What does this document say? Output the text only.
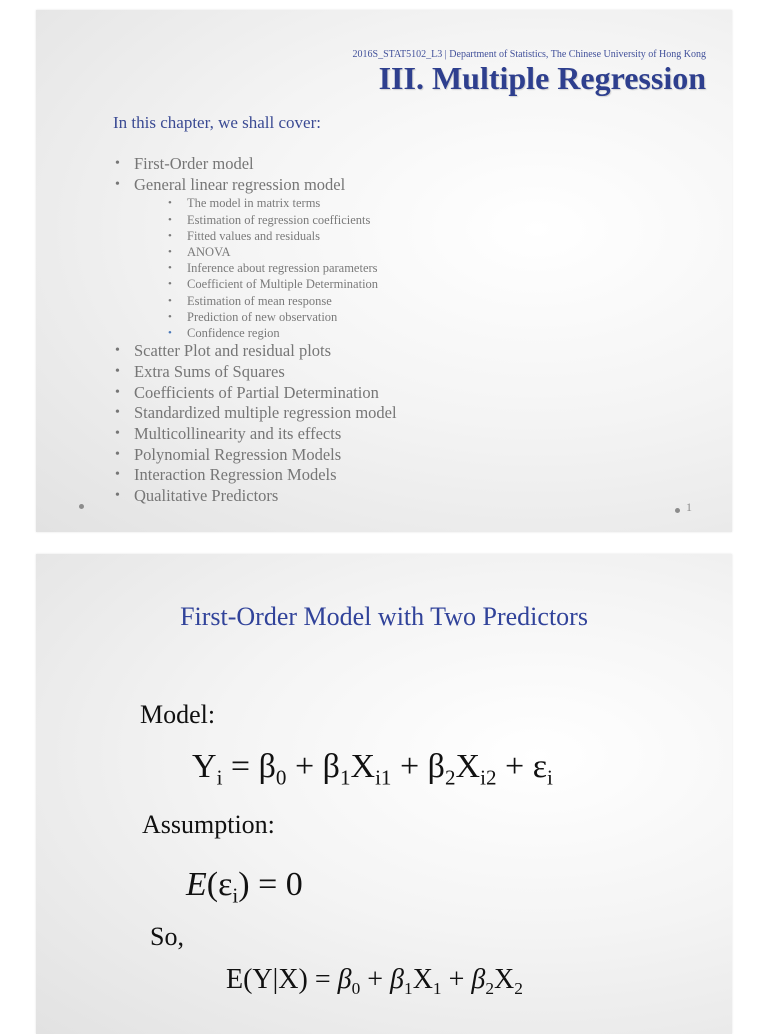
2016S_STAT5102_L3 | Department of Statistics, The Chinese University of Hong Kong
III. Multiple Regression
In this chapter, we shall cover:
• First-Order model
• General linear regression model
• The model in matrix terms
• Estimation of regression coefficients
• Fitted values and residuals
• ANOVA
• Inference about regression parameters
• Coefficient of Multiple Determination
• Estimation of mean response
• Prediction of new observation
• Confidence region
• Scatter Plot and residual plots
• Extra Sums of Squares
• Coefficients of Partial Determination
• Standardized multiple regression model
• Multicollinearity and its effects
• Polynomial Regression Models
• Interaction Regression Models
• Qualitative Predictors
1
First-Order Model with Two Predictors
Model:
$Y_i = \beta_0 + \beta_1X_{i1} + \beta_2X_{i2} + \varepsilon_i$
Assumption:
$E(\varepsilon_i) = 0$
So,
$E(Y|X) = \beta_0 + \beta_1X_1 + \beta_2X_2$
